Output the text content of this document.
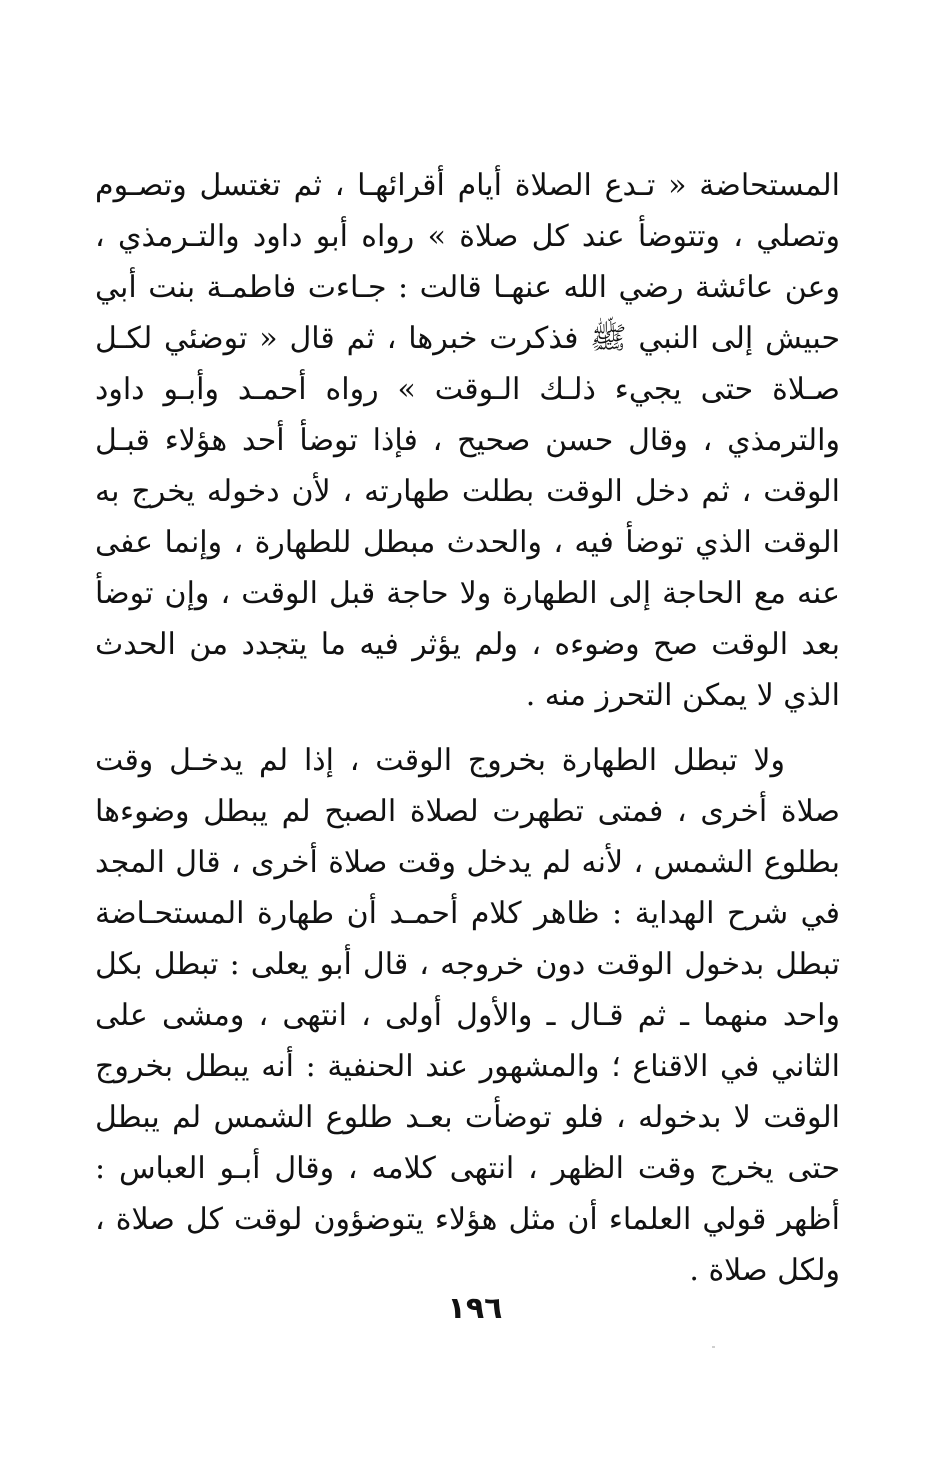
المستحاضة « تـدع الصلاة أيام أقرائهـا ، ثم تغتسل وتصـوم
وتصلي ، وتتوضأ عند كل صلاة » رواه أبو داود والتـرمذي ،
وعن عائشة رضي الله عنهـا قالت : جـاءت فاطمـة بنت أبي
حبيش إلى النبي ﷺ فذكرت خبرها ، ثم قال « توضئي لكـل
صـلاة حتى يجيء ذلـك الـوقت » رواه أحمـد وأبـو داود
والترمذي ، وقال حسن صحيح ، فإذا توضأ أحد هؤلاء قبـل
الوقت ، ثم دخل الوقت بطلت طهارته ، لأن دخوله يخرج به
الوقت الذي توضأ فيه ، والحدث مبطل للطهارة ، وإنما عفى
عنه مع الحاجة إلى الطهارة ولا حاجة قبل الوقت ، وإن توضأ
بعد الوقت صح وضوءه ، ولم يؤثر فيه ما يتجدد من الحدث
الذي لا يمكن التحرز منه .
ولا تبطل الطهارة بخروج الوقت ، إذا لم يدخـل وقت
صلاة أخرى ، فمتى تطهرت لصلاة الصبح لم يبطل وضوءها
بطلوع الشمس ، لأنه لم يدخل وقت صلاة أخرى ، قال المجد
في شرح الهداية : ظاهر كلام أحمـد أن طهارة المستحـاضة
تبطل بدخول الوقت دون خروجه ، قال أبو يعلى : تبطل بكل
واحد منهما ـ ثم قـال ـ والأول أولى ، انتهى ، ومشى على
الثاني في الاقناع ؛ والمشهور عند الحنفية : أنه يبطل بخروج
الوقت لا بدخوله ، فلو توضأت بعـد طلوع الشمس لم يبطل
حتى يخرج وقت الظهر ، انتهى كلامه ، وقال أبـو العباس :
أظهر قولي العلماء أن مثل هؤلاء يتوضؤون لوقت كل صلاة ،
ولكل صلاة .
١٩٦
